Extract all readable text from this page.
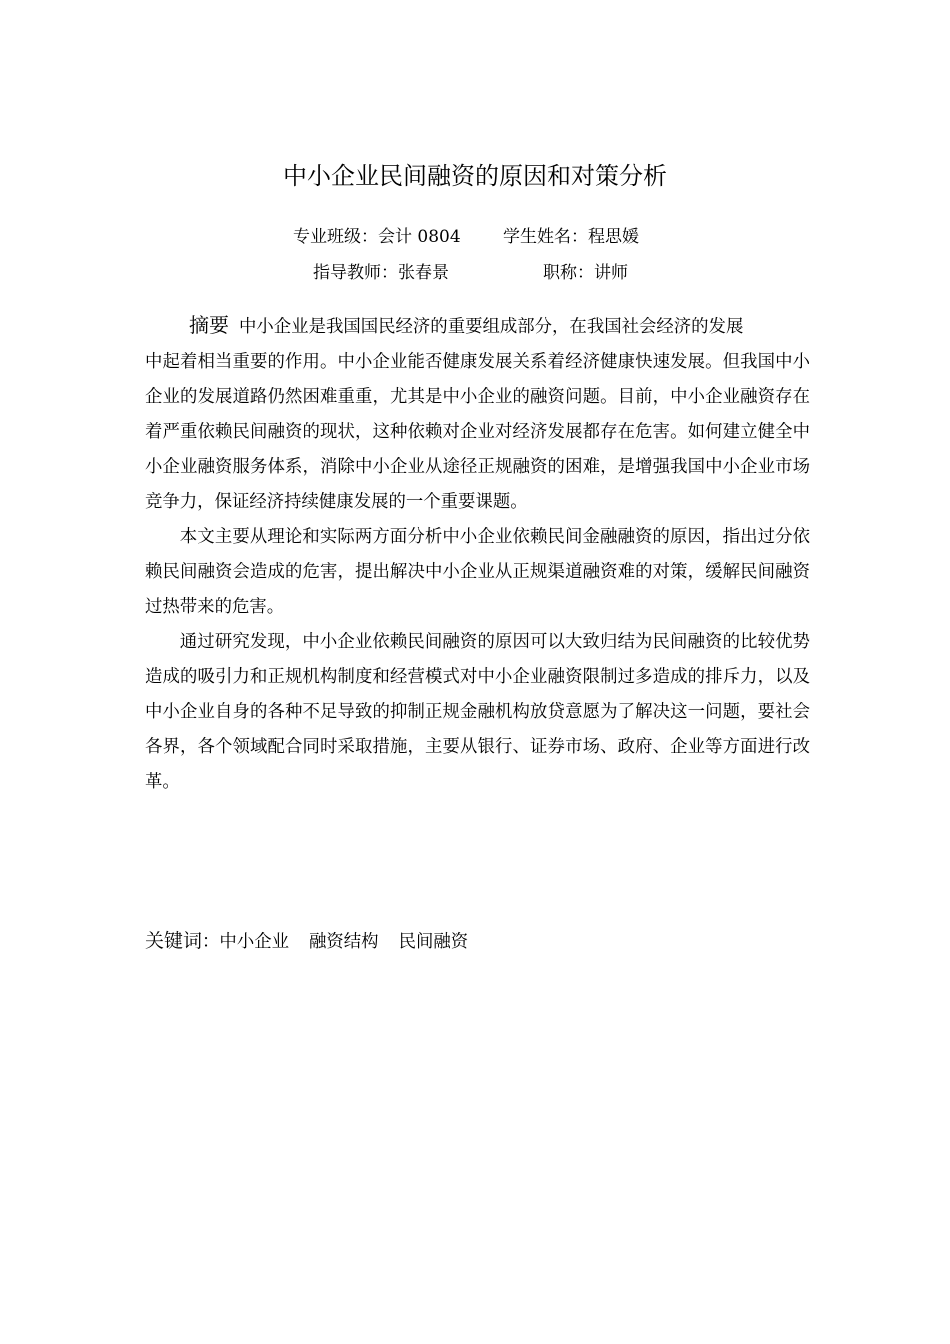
中小企业民间融资的原因和对策分析
专业班级：会计 0804 学生姓名：程思媛
指导教师：张春景	职称：讲师
摘要 中小企业是我国国民经济的重要组成部分，在我国社会经济的发展

中起着相当重要的作用。中小企业能否健康发展关系着经济健康快速发展。但我国中小企业的发展道路仍然困难重重，尤其是中小企业的融资问题。目前，中小企业融资存在着严重依赖民间融资的现状，这种依赖对企业对经济发展都存在危害。如何建立健全中小企业融资服务体系，消除中小企业从途径正规融资的困难，是增强我国中小企业市场竞争力，保证经济持续健康发展的一个重要课题。

本文主要从理论和实际两方面分析中小企业依赖民间金融融资的原因，指出过分依赖民间融资会造成的危害，提出解决中小企业从正规渠道融资难的对策，缓解民间融资过热带来的危害。

通过研究发现，中小企业依赖民间融资的原因可以大致归结为民间融资的比较优势造成的吸引力和正规机构制度和经营模式对中小企业融资限制过多造成的排斥力，以及中小企业自身的各种不足导致的抑制正规金融机构放贷意愿为了解决这一问题，要社会各界，各个领域配合同时采取措施，主要从银行、证券市场、政府、企业等方面进行改革。

关键词：中小企业 融资结构 民间融资
